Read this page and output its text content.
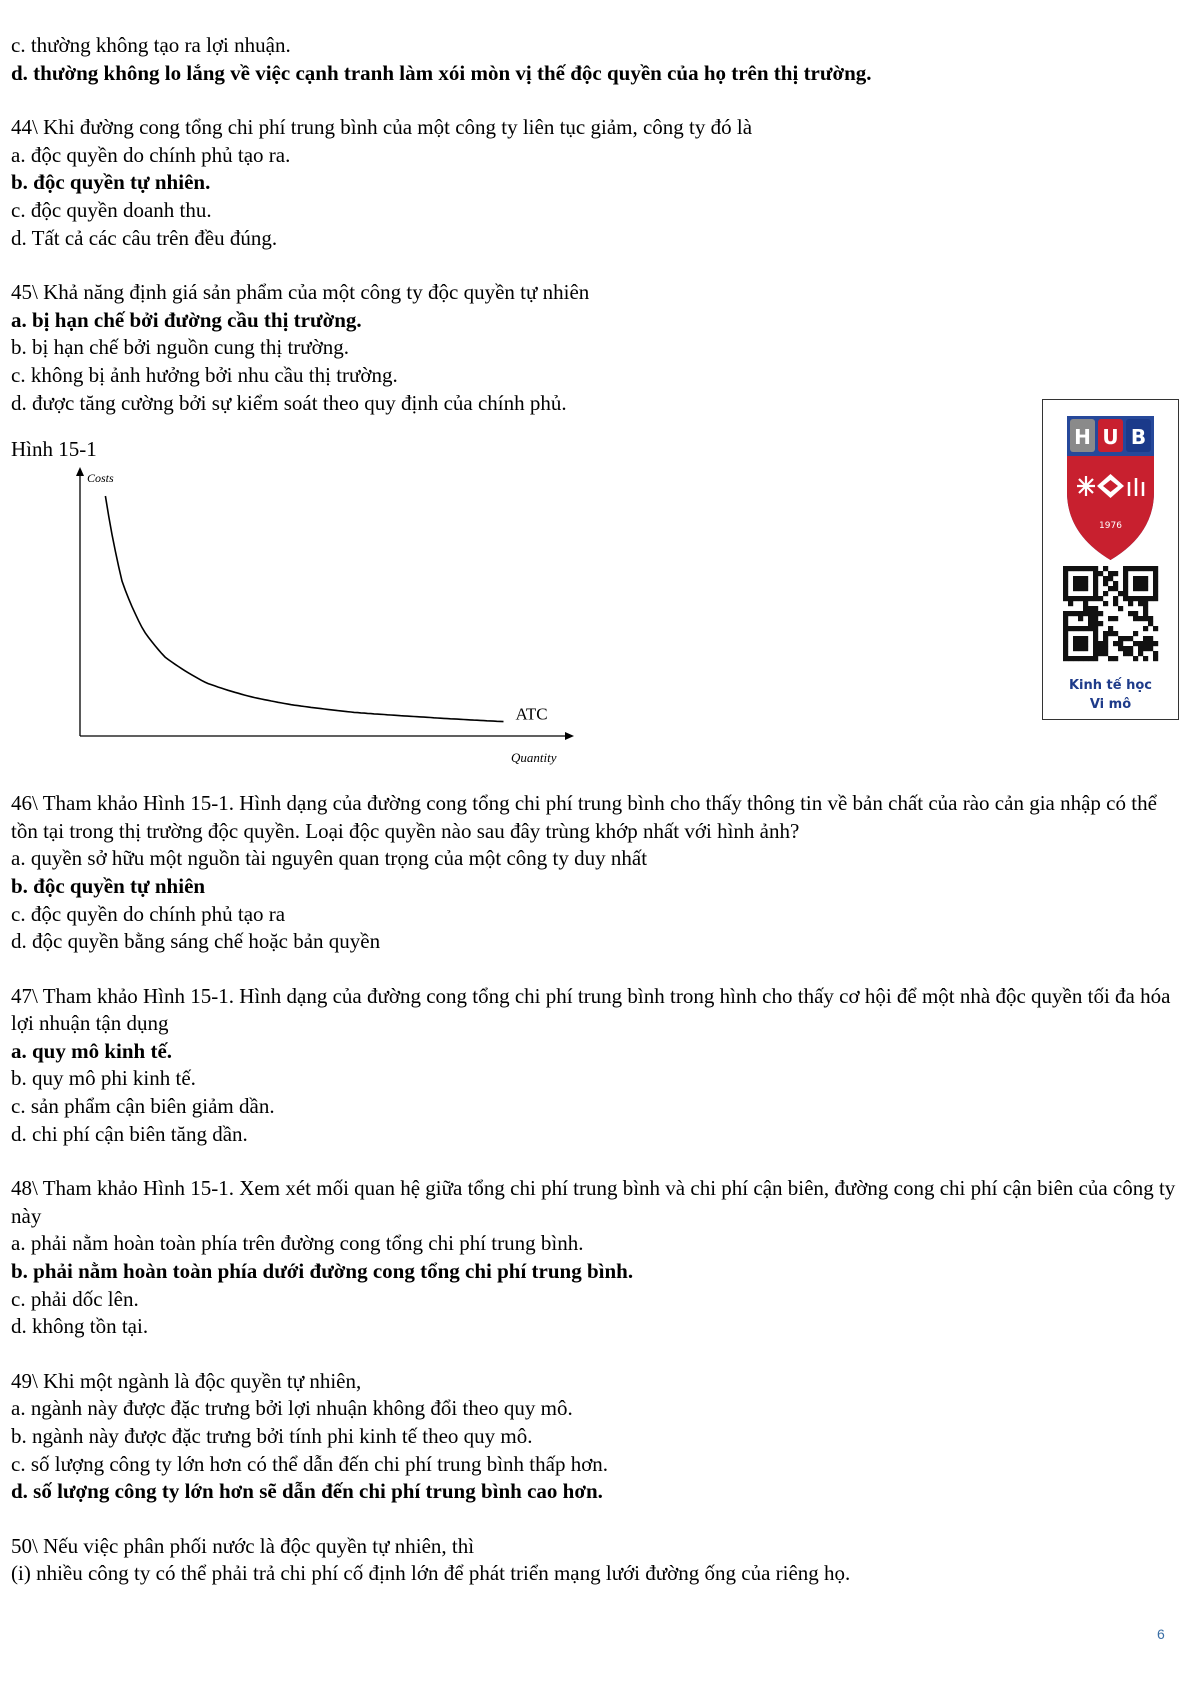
c. thường không tạo ra lợi nhuận.
d. thường không lo lắng về việc cạnh tranh làm xói mòn vị thế độc quyền của họ trên thị trường.
44\ Khi đường cong tổng chi phí trung bình của một công ty liên tục giảm, công ty đó là
a. độc quyền do chính phủ tạo ra.
b. độc quyền tự nhiên.
c. độc quyền doanh thu.
d. Tất cả các câu trên đều đúng.
45\ Khả năng định giá sản phẩm của một công ty độc quyền tự nhiên
a. bị hạn chế bởi đường cầu thị trường.
b. bị hạn chế bởi nguồn cung thị trường.
c. không bị ảnh hưởng bởi nhu cầu thị trường.
d. được tăng cường bởi sự kiểm soát theo quy định của chính phủ.
Hình 15-1
Costs
Quantity
ATC
46\ Tham khảo Hình 15-1. Hình dạng của đường cong tổng chi phí trung bình cho thấy thông tin về bản chất của rào cản gia nhập có thể tồn tại trong thị trường độc quyền. Loại độc quyền nào sau đây trùng khớp nhất với hình ảnh?
a. quyền sở hữu một nguồn tài nguyên quan trọng của một công ty duy nhất
b. độc quyền tự nhiên
c. độc quyền do chính phủ tạo ra
d. độc quyền bằng sáng chế hoặc bản quyền
47\ Tham khảo Hình 15-1. Hình dạng của đường cong tổng chi phí trung bình trong hình cho thấy cơ hội để một nhà độc quyền tối đa hóa lợi nhuận tận dụng
a. quy mô kinh tế.
b. quy mô phi kinh tế.
c. sản phẩm cận biên giảm dần.
d. chi phí cận biên tăng dần.
48\ Tham khảo Hình 15-1. Xem xét mối quan hệ giữa tổng chi phí trung bình và chi phí cận biên, đường cong chi phí cận biên của công ty này
a. phải nằm hoàn toàn phía trên đường cong tổng chi phí trung bình.
b. phải nằm hoàn toàn phía dưới đường cong tổng chi phí trung bình.
c. phải dốc lên.
d. không tồn tại.
49\ Khi một ngành là độc quyền tự nhiên,
a. ngành này được đặc trưng bởi lợi nhuận không đổi theo quy mô.
b. ngành này được đặc trưng bởi tính phi kinh tế theo quy mô.
c. số lượng công ty lớn hơn có thể dẫn đến chi phí trung bình thấp hơn.
d. số lượng công ty lớn hơn sẽ dẫn đến chi phí trung bình cao hơn.
50\ Nếu việc phân phối nước là độc quyền tự nhiên, thì
(i) nhiều công ty có thể phải trả chi phí cố định lớn để phát triển mạng lưới đường ống của riêng họ.
H U B
1976
Kinh tế học
Vi mô
6
